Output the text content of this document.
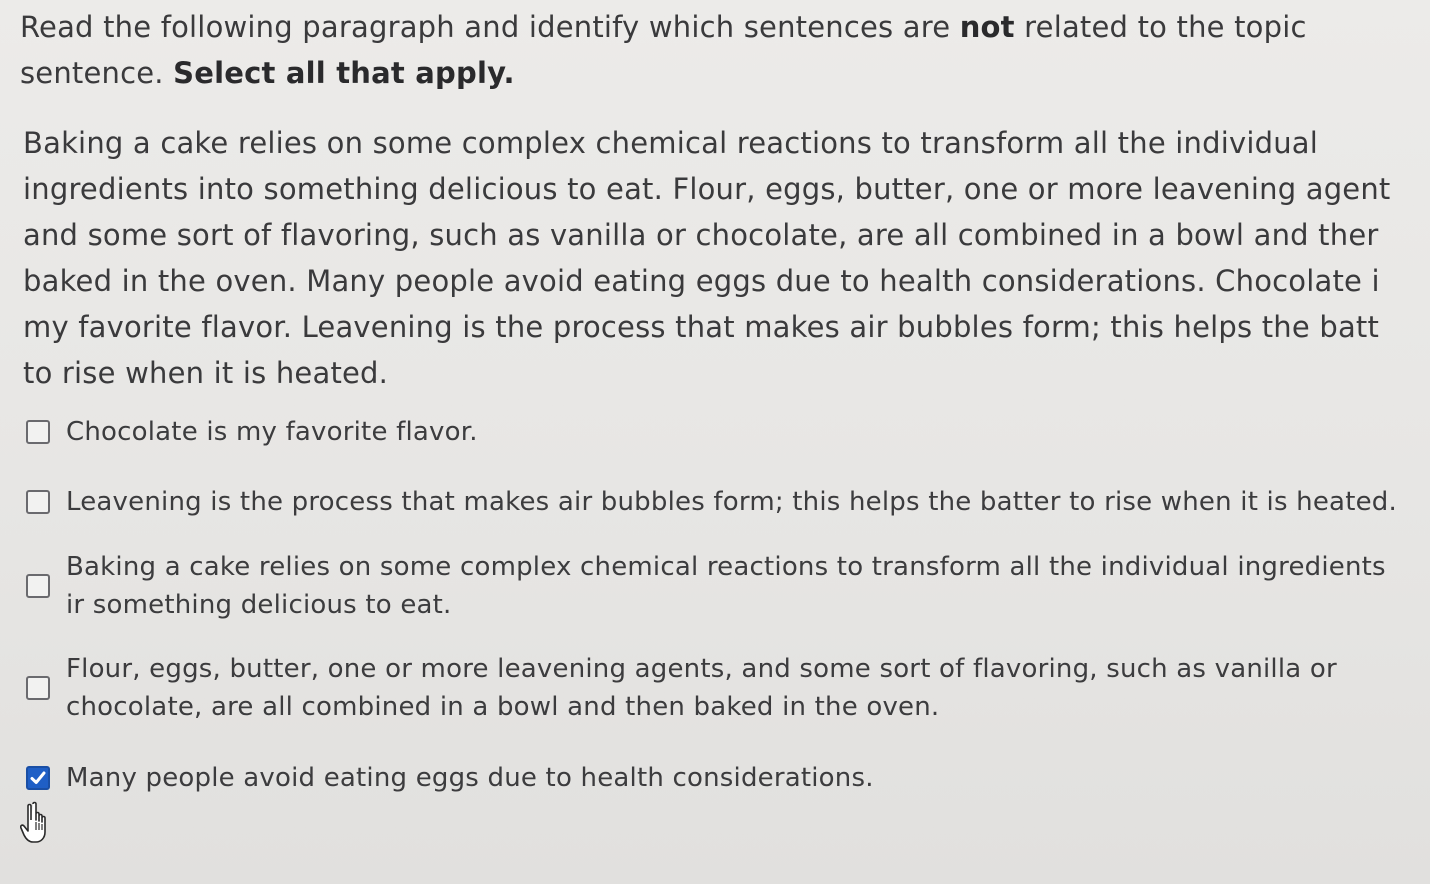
Read the following paragraph and identify which sentences are not related to the topic sentence. Select all that apply.

Baking a cake relies on some complex chemical reactions to transform all the individual
ingredients into something delicious to eat. Flour, eggs, butter, one or more leavening agent
and some sort of flavoring, such as vanilla or chocolate, are all combined in a bowl and ther
baked in the oven. Many people avoid eating eggs due to health considerations. Chocolate i
my favorite flavor. Leavening is the process that makes air bubbles form; this helps the batt
to rise when it is heated.
Chocolate is my favorite flavor.
Leavening is the process that makes air bubbles form; this helps the batter to rise when it is heated.
Baking a cake relies on some complex chemical reactions to transform all the individual ingredients ir something delicious to eat.
Flour, eggs, butter, one or more leavening agents, and some sort of flavoring, such as vanilla or chocolate, are all combined in a bowl and then baked in the oven.
Many people avoid eating eggs due to health considerations.
